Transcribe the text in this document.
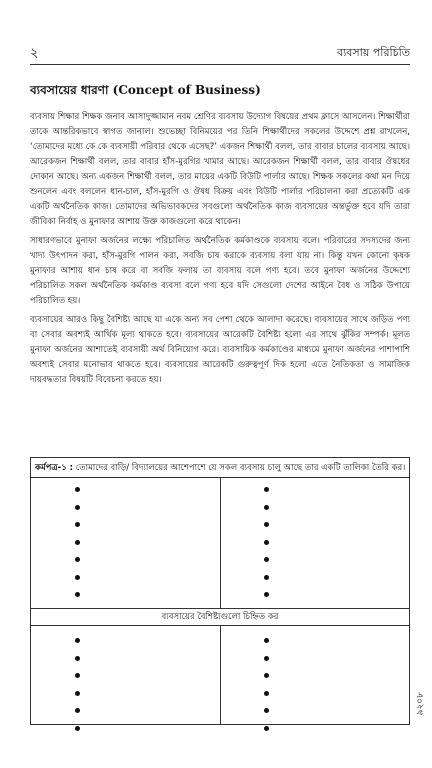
২	ব্যবসায় পরিচিতি
ব্যবসায়ের ধারণা (Concept of Business)

ব্যবসায় শিক্ষার শিক্ষক জনাব আসাদুজ্জামান নবম শ্রেণির ব্যবসায় উদ্যোগ বিষয়ের প্রথম ক্লাসে আসলেন। শিক্ষার্থীরা তাকে আন্তরিকভাবে স্বাগত জানাল। শুভেচ্ছা বিনিময়ের পর তিনি শিক্ষার্থীদের সকলের উদ্দেশে প্রশ্ন রাখলেন, ‘তোমাদের মধ্যে কে কে ব্যবসায়ী পরিবার থেকে এসেছ?’ একজন শিক্ষার্থী বলল, তার বাবার চালের ব্যবসায় আছে। আরেকজন শিক্ষার্থী বলল, তার বাবার হাঁস-মুরগির খামার আছে। আরেকজন শিক্ষার্থী বলল, তার বাবার ঔষধের দোকান আছে। অন্য একজন শিক্ষার্থী বলল, তার মায়ের একটি বিউটি পার্লার আছে। শিক্ষক সকলের কথা মন দিয়ে শুনলেন এবং বললেন ধান-চাল, হাঁস-মুরগি ও ঔষধ বিক্রয় এবং বিউটি পার্লার পরিচালনা করা প্রত্যেকটি এক একটি অর্থনৈতিক কাজ। তোমাদের অভিভাবকদের সবগুলো অর্থনৈতিক কাজ ব্যবসায়ের অন্তর্ভুক্ত হবে যদি তারা জীবিকা নির্বাহ ও মুনাফার আশায় উক্ত কাজগুলো করে থাকেন।

সাধারণভাবে মুনাফা অর্জনের লক্ষ্যে পরিচালিত অর্থনৈতিক কর্মকাণ্ডকে ব্যবসায় বলে। পরিবারের সদস্যদের জন্য খাদ্য উৎপাদন করা, হাঁস-মুরগি পালন করা, সবজি চাষ করাকে ব্যবসায় বলা যায় না। কিন্তু যখন কোনো কৃষক মুনাফার আশায় ধান চাষ করে বা সবজি ফলায় তা ব্যবসায় বলে গণ্য হবে। তবে মুনাফা অর্জনের উদ্দেশ্যে পরিচালিত সকল অর্থনৈতিক কর্মকাণ্ড ব্যবসা বলে গণ্য হবে যদি সেগুলো দেশের আইনে বৈধ ও সঠিক উপায়ে পরিচালিত হয়।

ব্যবসায়ের আরও কিছু বৈশিষ্ট্য আছে যা একে অন্য সব পেশা থেকে আলাদা করেছে। ব্যবসায়ের সাথে জড়িত পণ্য বা সেবার অবশ্যই আর্থিক মূল্য থাকতে হবে। ব্যবসায়ের আরেকটি বৈশিষ্ট্য হলো এর সাথে ঝুঁকির সম্পর্ক। মূলত মুনাফা অর্জনের আশাতেই ব্যবসায়ী অর্থ বিনিয়োগ করে। ব্যবসায়িক কর্মকাণ্ডের মাধ্যমে মুনাফা অর্জনের পাশাপাশি অবশ্যই সেবার মনোভাব থাকতে হবে। ব্যবসায়ের আরেকটি গুরুত্বপূর্ণ দিক হলো এতে নৈতিকতা ও সামাজিক দায়বদ্ধতার বিষয়টি বিবেচনা করতে হয়।

কর্মপত্র-১ : তোমাদের বাড়ি/ বিদ্যালয়ের আশেপাশে যে সকল ব্যবসায় চালু আছে তার একটি তালিকা তৈরি কর।
ব্যবসায়ের বৈশিষ্ট্যগুলো চিহ্নিত কর
৯২০৮
